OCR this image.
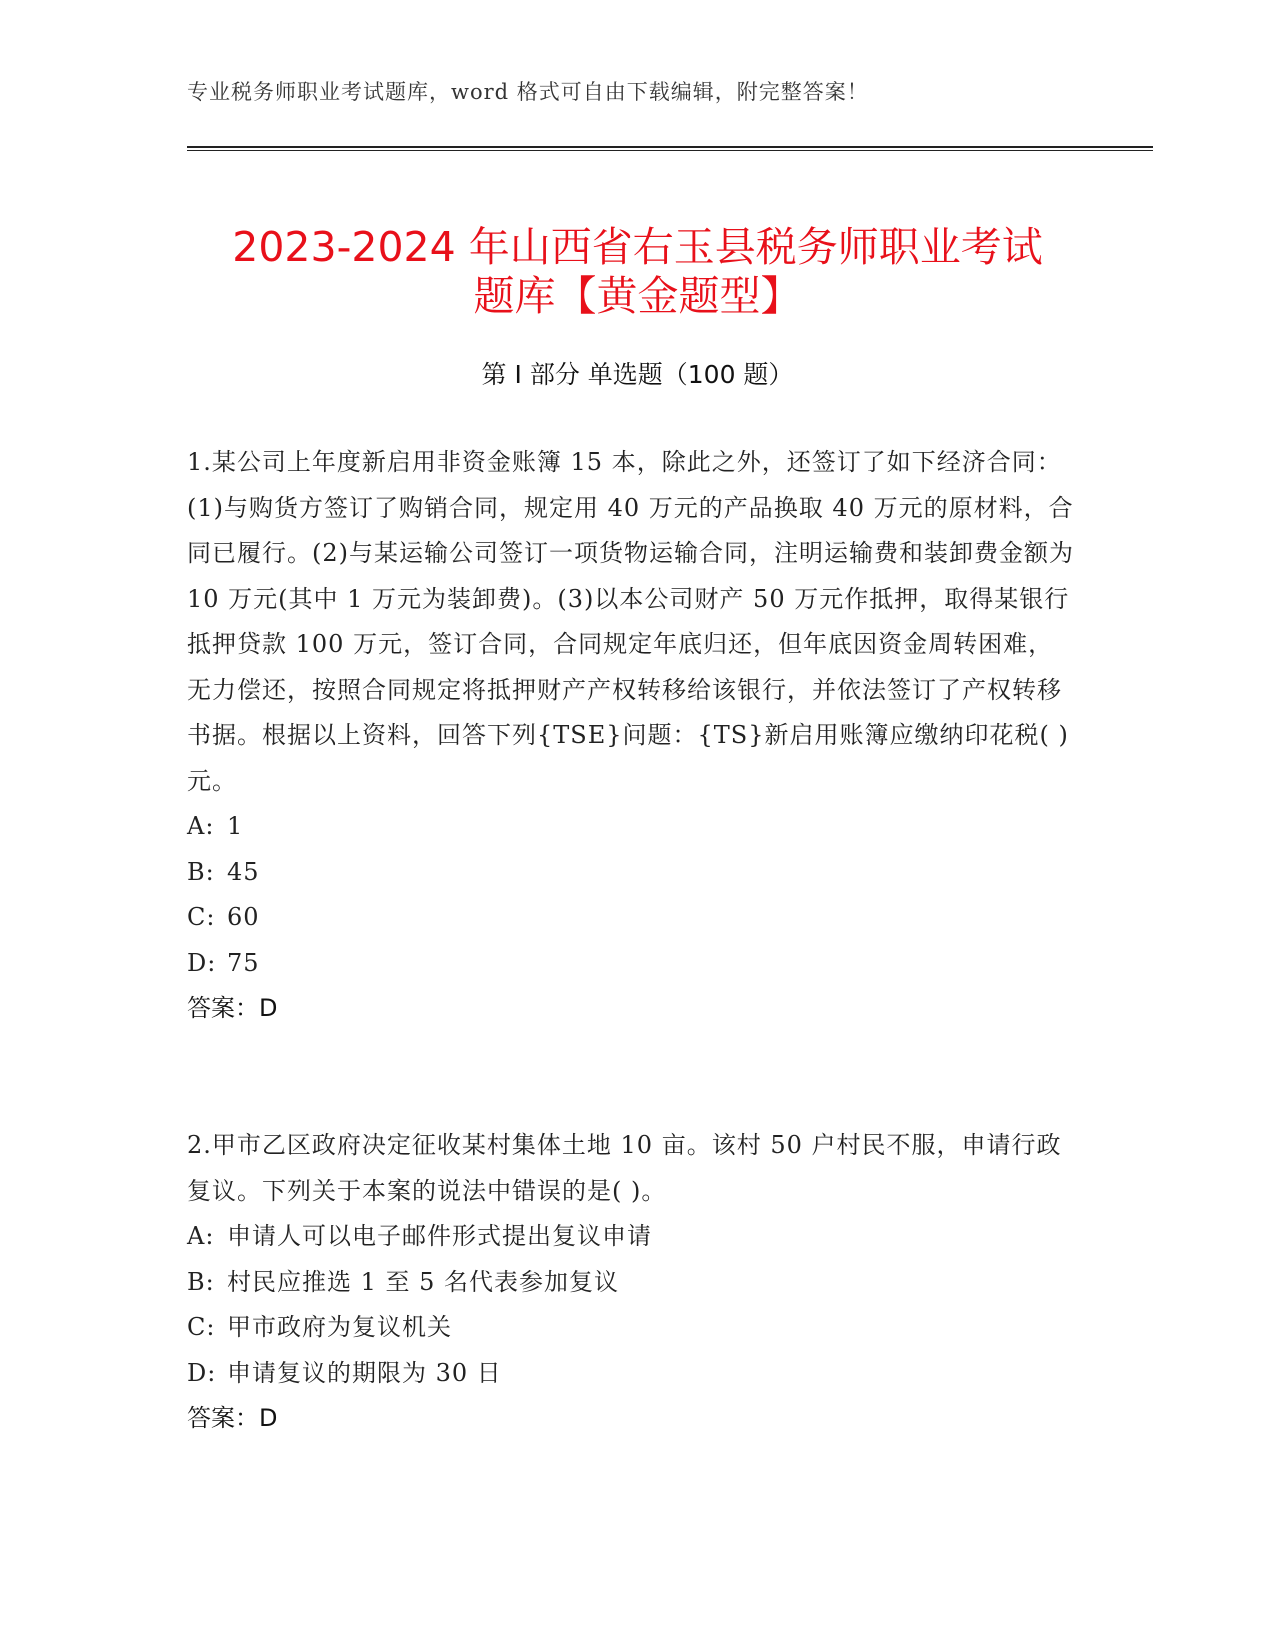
专业税务师职业考试题库，word 格式可自由下载编辑，附完整答案！
2023-2024 年山西省右玉县税务师职业考试
题库【黄金题型】
第 I 部分 单选题（100 题）

1.某公司上年度新启用非资金账簿 15 本，除此之外，还签订了如下经济合同：(1)与购货方签订了购销合同，规定用 40 万元的产品换取 40 万元的原材料，合同已履行。(2)与某运输公司签订一项货物运输合同，注明运输费和装卸费金额为 10 万元(其中 1 万元为装卸费)。(3)以本公司财产 50 万元作抵押，取得某银行抵押贷款 100 万元，签订合同，合同规定年底归还，但年底因资金周转困难，无力偿还，按照合同规定将抵押财产产权转移给该银行，并依法签订了产权转移书据。根据以上资料，回答下列{TSE}问题：{TS}新启用账簿应缴纳印花税( )元。

A: 1

B: 45

C: 60

D: 75

答案：D

2.甲市乙区政府决定征收某村集体土地 10 亩。该村 50 户村民不服，申请行政复议。下列关于本案的说法中错误的是( )。

A: 申请人可以电子邮件形式提出复议申请

B: 村民应推选 1 至 5 名代表参加复议

C: 甲市政府为复议机关

D: 申请复议的期限为 30 日

答案：D
